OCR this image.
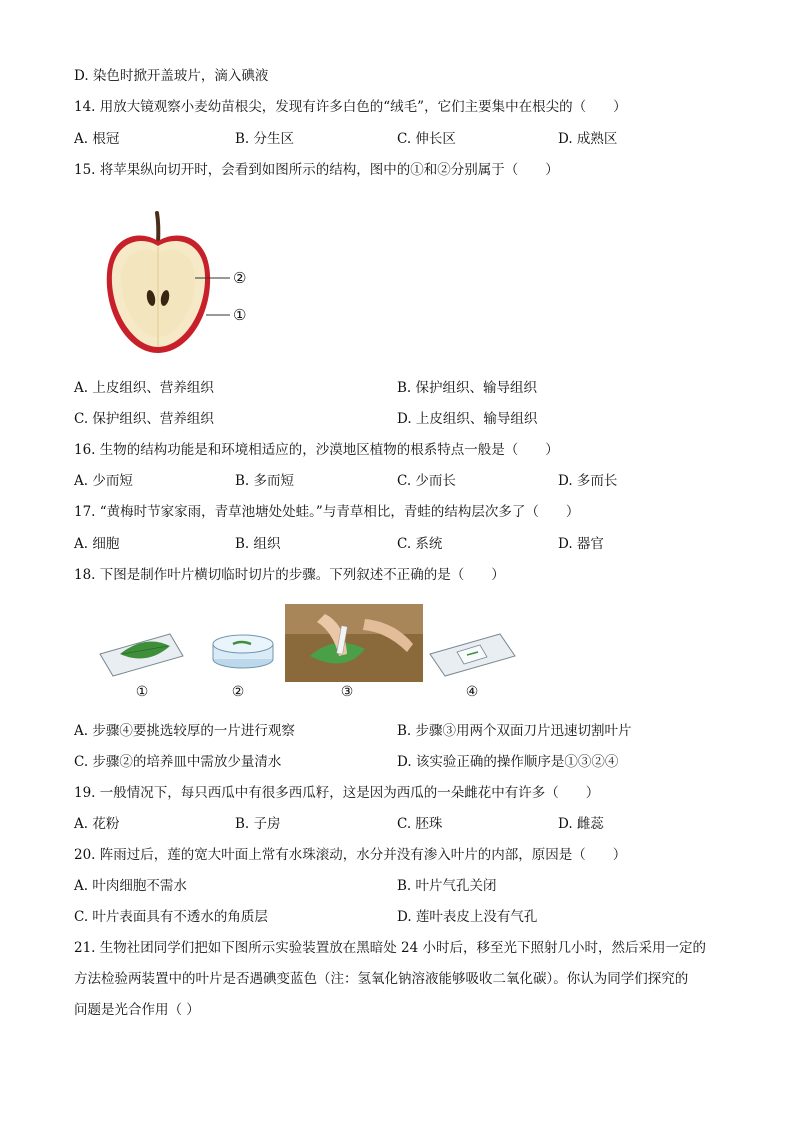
D. 染色时掀开盖玻片，滴入碘液
14. 用放大镜观察小麦幼苗根尖，发现有许多白色的“绒毛”，它们主要集中在根尖的（　　）
A. 根冠	B. 分生区	C. 伸长区	D. 成熟区
15. 将苹果纵向切开时，会看到如图所示的结构，图中的①和②分别属于（　　）
②
①
A. 上皮组织、营养组织	B. 保护组织、输导组织
C. 保护组织、营养组织	D. 上皮组织、输导组织
16. 生物的结构功能是和环境相适应的，沙漠地区植物的根系特点一般是（　　）
A. 少而短	B. 多而短	C. 少而长	D. 多而长
17. “黄梅时节家家雨，青草池塘处处蛙。”与青草相比，青蛙的结构层次多了（　　）
A. 细胞	B. 组织	C. 系统	D. 器官
18. 下图是制作叶片横切临时切片的步骤。下列叙述不正确的是（　　）
①	②	③	④
A. 步骤④要挑选较厚的一片进行观察	B. 步骤③用两个双面刀片迅速切割叶片
C. 步骤②的培养皿中需放少量清水	D. 该实验正确的操作顺序是①③②④
19. 一般情况下，每只西瓜中有很多西瓜籽，这是因为西瓜的一朵雌花中有许多（　　）
A. 花粉	B. 子房	C. 胚珠	D. 雌蕊
20. 阵雨过后，莲的宽大叶面上常有水珠滚动，水分并没有渗入叶片的内部，原因是（　　）
A. 叶肉细胞不需水	B. 叶片气孔关闭
C. 叶片表面具有不透水的角质层	D. 莲叶表皮上没有气孔
21. 生物社团同学们把如下图所示实验装置放在黑暗处 24 小时后，移至光下照射几小时，然后采用一定的
方法检验两装置中的叶片是否遇碘变蓝色（注：氢氧化钠溶液能够吸收二氧化碳）。你认为同学们探究的
问题是光合作用（ ）
